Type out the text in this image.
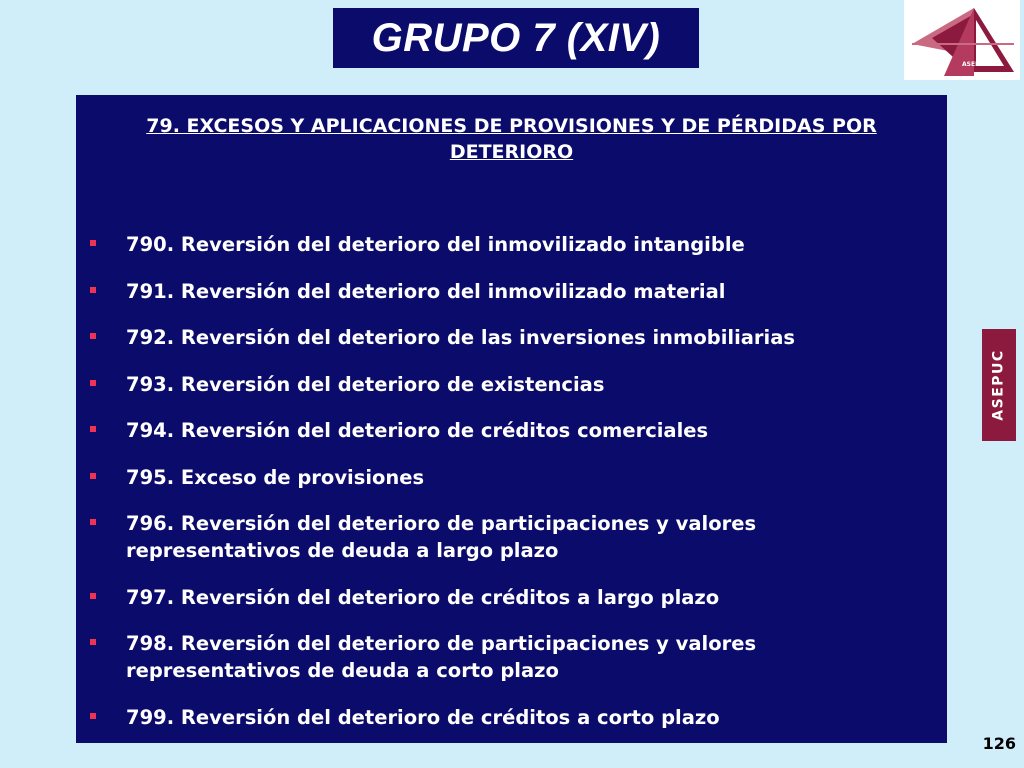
GRUPO 7 (XIV)
ASEPUC
79. EXCESOS Y APLICACIONES DE PROVISIONES Y DE PÉRDIDAS POR DETERIORO
790. Reversión del deterioro del inmovilizado intangible
791. Reversión del deterioro del inmovilizado material
792. Reversión del deterioro de las inversiones inmobiliarias
793. Reversión del deterioro de existencias
794. Reversión del deterioro de créditos comerciales
795. Exceso de provisiones
796. Reversión del deterioro de participaciones y valores representativos de deuda a largo plazo
797. Reversión del deterioro de créditos a largo plazo
798. Reversión del deterioro de participaciones y valores representativos de deuda a corto plazo
799. Reversión del deterioro de créditos a corto plazo
ASEPUC
126
